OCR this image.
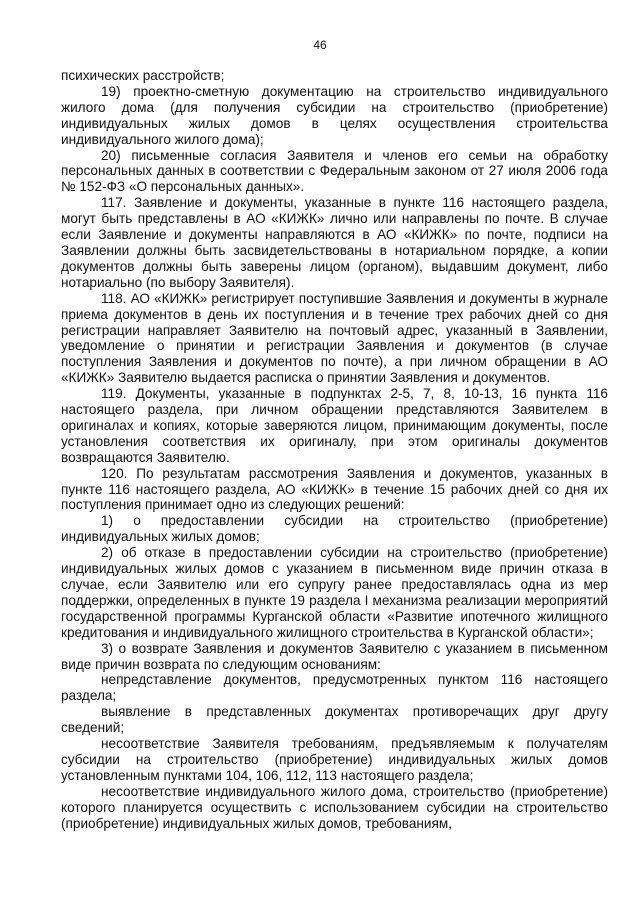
46

психических расстройств;

19) проектно-сметную документацию на строительство индивидуального жилого дома (для получения субсидии на строительство (приобретение) индивидуальных жилых домов в целях осуществления строительства индивидуального жилого дома);

20) письменные согласия Заявителя и членов его семьи на обработку персональных данных в соответствии с Федеральным законом от 27 июля 2006 года № 152-ФЗ «О персональных данных».

117. Заявление и документы, указанные в пункте 116 настоящего раздела, могут быть представлены в АО «КИЖК» лично или направлены по почте. В случае если Заявление и документы направляются в АО «КИЖК» по почте, подписи на Заявлении должны быть засвидетельствованы в нотариальном порядке, а копии документов должны быть заверены лицом (органом), выдавшим документ, либо нотариально (по выбору Заявителя).

118. АО «КИЖК» регистрирует поступившие Заявления и документы в журнале приема документов в день их поступления и в течение трех рабочих дней со дня регистрации направляет Заявителю на почтовый адрес, указанный в Заявлении, уведомление о принятии и регистрации Заявления и документов (в случае поступления Заявления и документов по почте), а при личном обращении в АО «КИЖК» Заявителю выдается расписка о принятии Заявления и документов.

119. Документы, указанные в подпунктах 2-5, 7, 8, 10-13, 16 пункта 116 настоящего раздела, при личном обращении представляются Заявителем в оригиналах и копиях, которые заверяются лицом, принимающим документы, после установления соответствия их оригиналу, при этом оригиналы документов возвращаются Заявителю.

120. По результатам рассмотрения Заявления и документов, указанных в пункте 116 настоящего раздела, АО «КИЖК» в течение 15 рабочих дней со дня их поступления принимает одно из следующих решений:

1) о предоставлении субсидии на строительство (приобретение) индивидуальных жилых домов;

2) об отказе в предоставлении субсидии на строительство (приобретение) индивидуальных жилых домов с указанием в письменном виде причин отказа в случае, если Заявителю или его супругу ранее предоставлялась одна из мер поддержки, определенных в пункте 19 раздела I механизма реализации мероприятий государственной программы Курганской области «Развитие ипотечного жилищного кредитования и индивидуального жилищного строительства в Курганской области»;

3) о возврате Заявления и документов Заявителю с указанием в письменном виде причин возврата по следующим основаниям:

непредставление документов, предусмотренных пунктом 116 настоящего раздела;

выявление в представленных документах противоречащих друг другу сведений;

несоответствие Заявителя требованиям, предъявляемым к получателям субсидии на строительство (приобретение) индивидуальных жилых домов установленным пунктами 104, 106, 112, 113 настоящего раздела;

несоответствие индивидуального жилого дома, строительство (приобретение) которого планируется осуществить с использованием субсидии на строительство (приобретение) индивидуальных жилых домов, требованиям,
